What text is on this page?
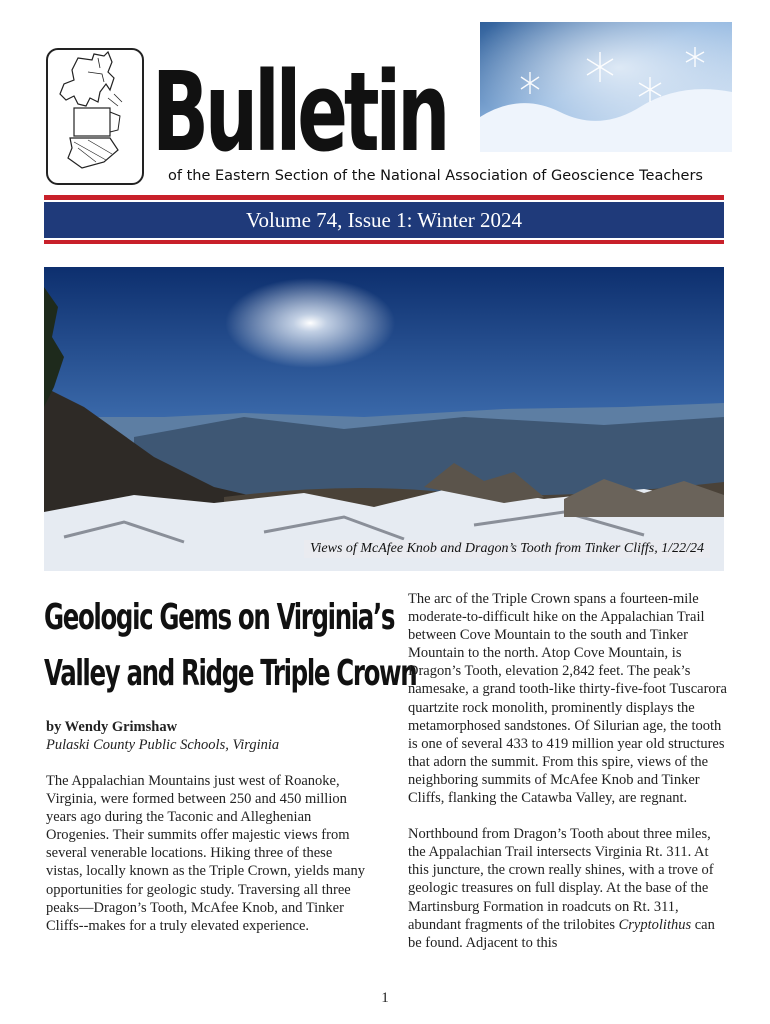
Bulletin
of the Eastern Section of the National Association of Geoscience Teachers
Volume 74, Issue 1: Winter 2024
Views of McAfee Knob and Dragon’s Tooth from Tinker Cliffs, 1/22/24
Geologic Gems on Virginia’s
Valley and Ridge Triple Crown
by Wendy Grimshaw
Pulaski County Public Schools, Virginia

The Appalachian Mountains just west of Roanoke, Virginia, were formed between 250 and 450 million years ago during the Taconic and Alleghenian Orogenies. Their summits offer majestic views from several venerable locations. Hiking three of these vistas, locally known as the Triple Crown, yields many opportunities for geologic study. Traversing all three peaks—Dragon’s Tooth, McAfee Knob, and Tinker Cliffs--makes for a truly elevated experience.

The arc of the Triple Crown spans a fourteen-mile moderate-to-difficult hike on the Appalachian Trail between Cove Mountain to the south and Tinker Mountain to the north. Atop Cove Mountain, is Dragon’s Tooth, elevation 2,842 feet. The peak’s namesake, a grand tooth-like thirty-five-foot Tuscarora quartzite rock monolith, prominently displays the metamorphosed sandstones. Of Silurian age, the tooth is one of several 433 to 419 million year old structures that adorn the summit. From this spire, views of the neighboring summits of McAfee Knob and Tinker Cliffs, flanking the Catawba Valley, are regnant.

Northbound from Dragon’s Tooth about three miles, the Appalachian Trail intersects Virginia Rt. 311. At this juncture, the crown really shines, with a trove of geologic treasures on full display. At the base of the Martinsburg Formation in roadcuts on Rt. 311, abundant fragments of the trilobites Cryptolithus can be found. Adjacent to this

1
